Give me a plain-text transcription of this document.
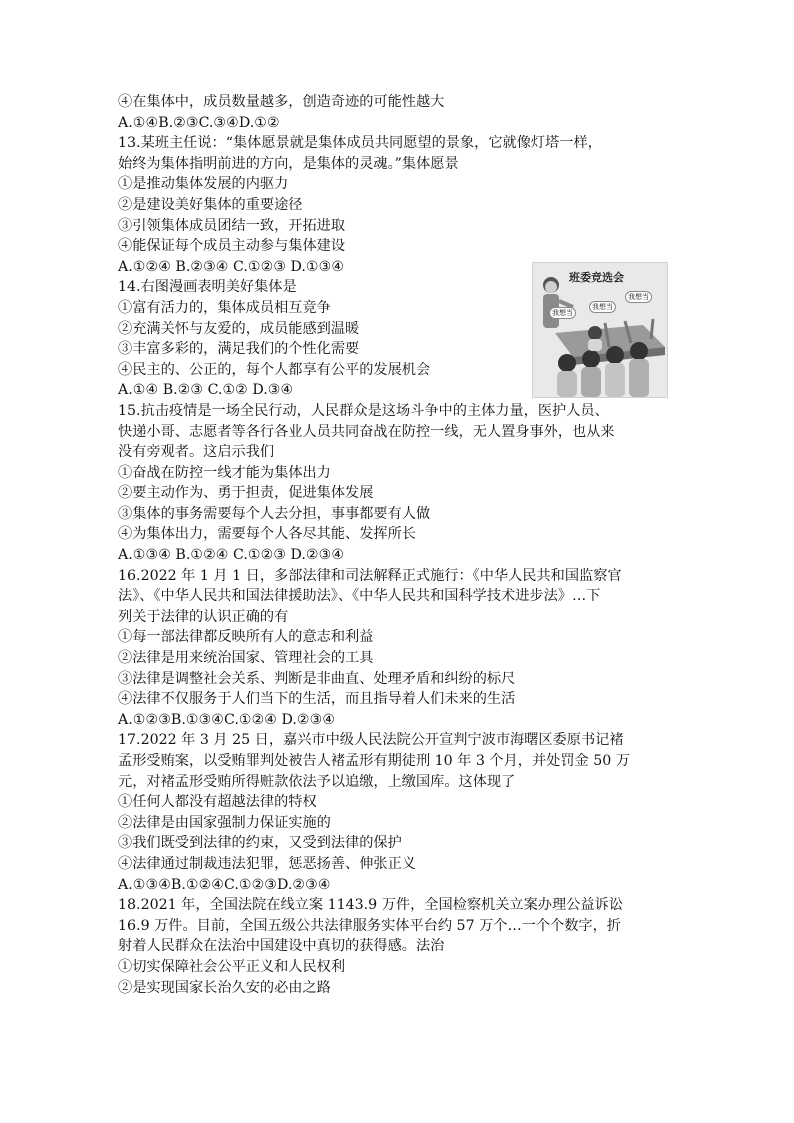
④在集体中，成员数量越多，创造奇迹的可能性越大
A.①④B.②③C.③④D.①②
13.某班主任说：“集体愿景就是集体成员共同愿望的景象，它就像灯塔一样，
始终为集体指明前进的方向，是集体的灵魂。”集体愿景
①是推动集体发展的内驱力
②是建设美好集体的重要途径
③引领集体成员团结一致，开拓进取
④能保证每个成员主动参与集体建设
A.①②④ B.②③④ C.①②③ D.①③④
14.右图漫画表明美好集体是
①富有活力的，集体成员相互竞争
②充满关怀与友爱的，成员能感到温暖
③丰富多彩的，满足我们的个性化需要
④民主的、公正的，每个人都享有公平的发展机会
A.①④ B.②③ C.①② D.③④
15.抗击疫情是一场全民行动，人民群众是这场斗争中的主体力量，医护人员、
快递小哥、志愿者等各行各业人员共同奋战在防控一线，无人置身事外，也从来
没有旁观者。这启示我们
①奋战在防控一线才能为集体出力
②要主动作为、勇于担责，促进集体发展
③集体的事务需要每个人去分担，事事都要有人做
④为集体出力，需要每个人各尽其能、发挥所长
A.①③④ B.①②④ C.①②③ D.②③④
16.2022 年 1 月 1 日，多部法律和司法解释正式施行：《中华人民共和国监察官
法》、《中华人民共和国法律援助法》、《中华人民共和国科学技术进步法》…下
列关于法律的认识正确的有
①每一部法律都反映所有人的意志和利益
②法律是用来统治国家、管理社会的工具
③法律是调整社会关系、判断是非曲直、处理矛盾和纠纷的标尺
④法律不仅服务于人们当下的生活，而且指导着人们未来的生活
A.①②③B.①③④C.①②④ D.②③④
17.2022 年 3 月 25 日，嘉兴市中级人民法院公开宣判宁波市海曙区委原书记褚
孟形受贿案，以受贿罪判处被告人褚孟形有期徒刑 10 年 3 个月，并处罚金 50 万
元，对褚孟形受贿所得赃款依法予以追缴，上缴国库。这体现了
①任何人都没有超越法律的特权
②法律是由国家强制力保证实施的
③我们既受到法律的约束，又受到法律的保护
④法律通过制裁违法犯罪，惩恶扬善、伸张正义
A.①③④B.①②④C.①②③D.②③④
18.2021 年，全国法院在线立案 1143.9 万件，全国检察机关立案办理公益诉讼
16.9 万件。目前，全国五级公共法律服务实体平台约 57 万个…一个个数字，折
射着人民群众在法治中国建设中真切的获得感。法治
①切实保障社会公平正义和人民权利
②是实现国家长治久安的必由之路
班委竞选会
我想当
我想当
我想当
